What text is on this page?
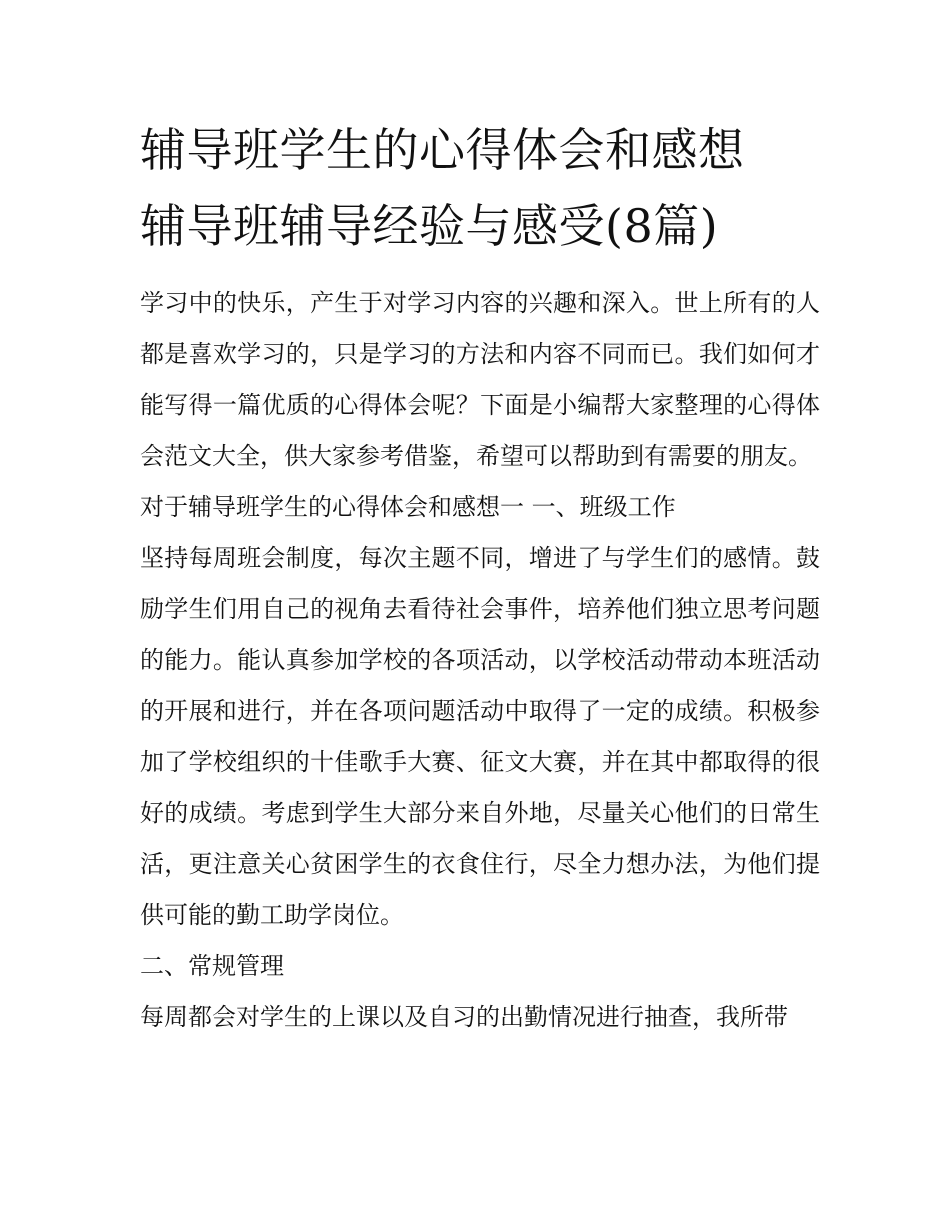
辅导班学生的心得体会和感想
辅导班辅导经验与感受(8篇)

学习中的快乐，产生于对学习内容的兴趣和深入。世上所有的人都是喜欢学习的，只是学习的方法和内容不同而已。我们如何才能写得一篇优质的心得体会呢？下面是小编帮大家整理的心得体会范文大全，供大家参考借鉴，希望可以帮助到有需要的朋友。

对于辅导班学生的心得体会和感想一 一、班级工作

坚持每周班会制度，每次主题不同，增进了与学生们的感情。鼓励学生们用自己的视角去看待社会事件，培养他们独立思考问题的能力。能认真参加学校的各项活动，以学校活动带动本班活动的开展和进行，并在各项问题活动中取得了一定的成绩。积极参加了学校组织的十佳歌手大赛、征文大赛，并在其中都取得的很好的成绩。考虑到学生大部分来自外地，尽量关心他们的日常生活，更注意关心贫困学生的衣食住行，尽全力想办法，为他们提供可能的勤工助学岗位。

二、常规管理

每周都会对学生的上课以及自习的出勤情况进行抽查，我所带
